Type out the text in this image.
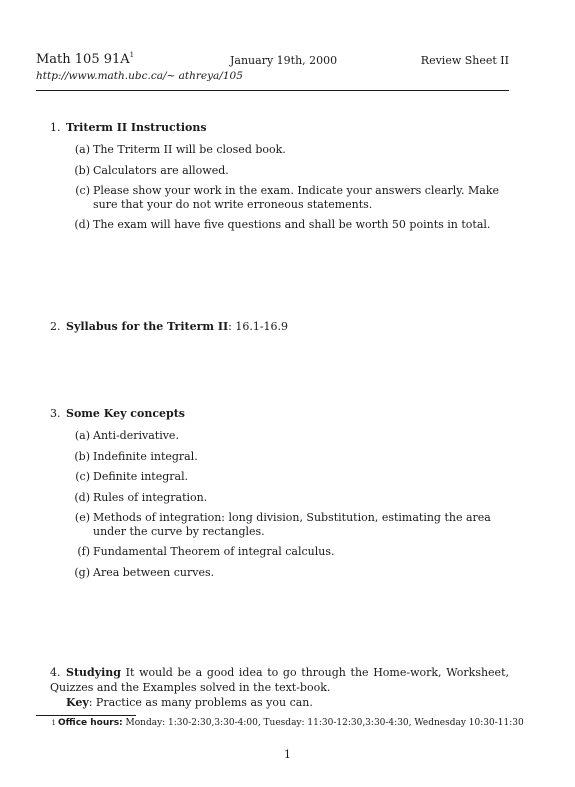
Math 105 $91A^1$	January 19th, 2000	Review Sheet II
http://www.math.ubc.ca/∼ athreya/105
1. Triterm II Instructions
(a) The Triterm II will be closed book.
(b) Calculators are allowed.
(c) Please show your work in the exam. Indicate your answers clearly. Make sure that your do not write erroneous statements.
(d) The exam will have five questions and shall be worth 50 points in total.
2. Syllabus for the Triterm II: 16.1-16.9
3. Some Key concepts
(a) Anti-derivative.
(b) Indefinite integral.
(c) Definite integral.
(d) Rules of integration.
(e) Methods of integration: long division, Substitution, estimating the area under the curve by rectangles.
(f) Fundamental Theorem of integral calculus.
(g) Area between curves.
4. Studying It would be a good idea to go through the Home-work, Worksheet, Quizzes and the Examples solved in the text-book.
Key: Practice as many problems as you can.
1 Office hours: Monday: 1:30-2:30,3:30-4:00, Tuesday: 11:30-12:30,3:30-4:30, Wednesday 10:30-11:30
1
